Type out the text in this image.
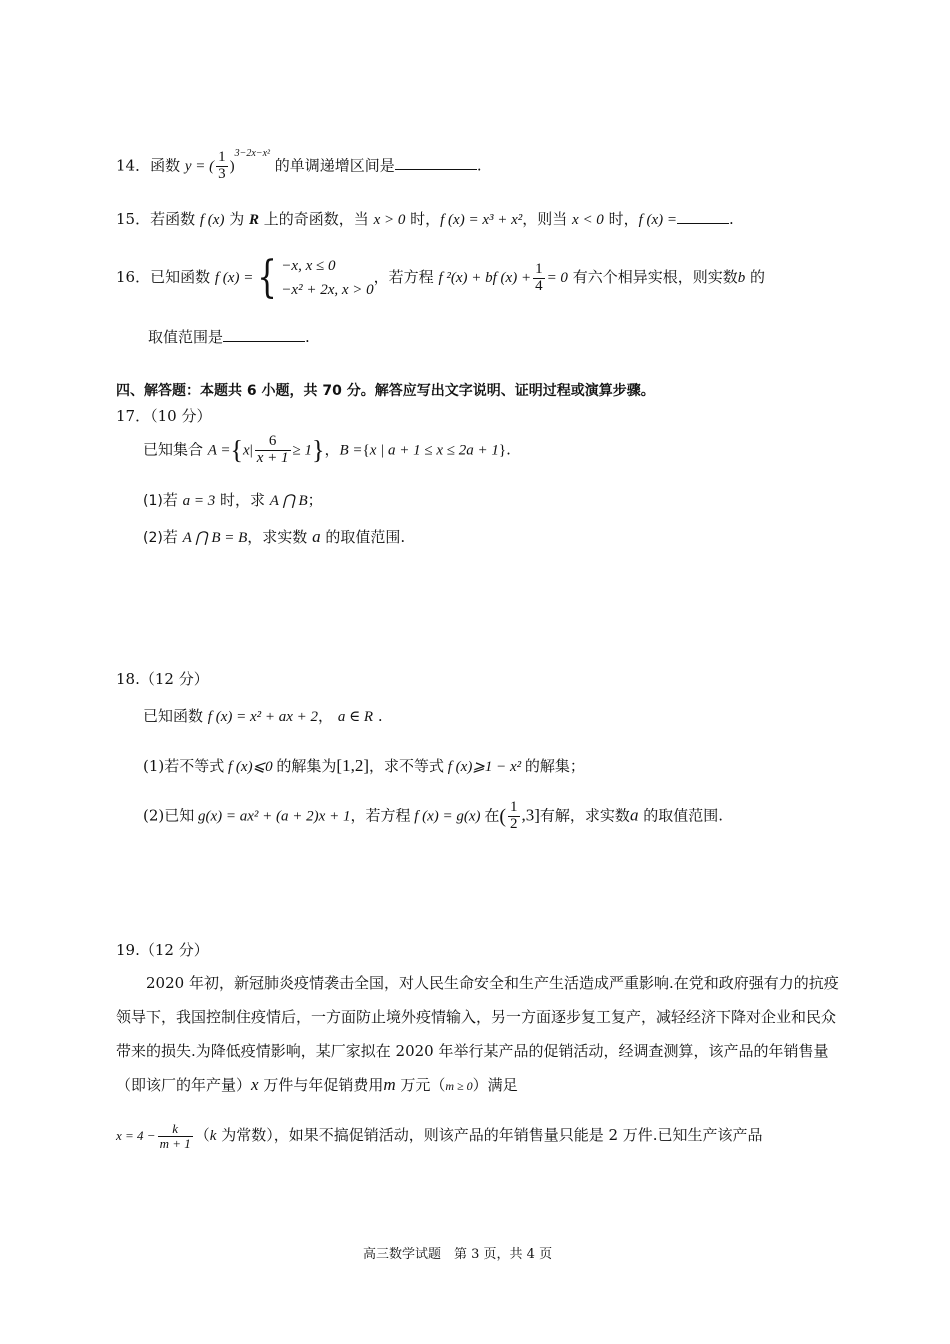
14．函数 y = ( $\frac{1}{3} )^{3-2x-x^2}$ 的单调递增区间是	.
15．若函数 f (x) 为 R 上的奇函数，当 x > 0 时，f (x) = x³ + x²，则当 x < 0 时，f (x) =	.
16．已知函数 f (x) ={ −x, x ≤ 0
−x² + 2x, x > 0
，若方程 f ²(x) + bf $(x) + \frac{1}{4} = 0$ 有六个相异实根，则实数b 的
取值范围是	.
四、解答题：本题共 6 小题，共 70 分。解答应写出文字说明、证明过程或演算步骤。
17．（10 分）
已知集合 $A =\{x| \frac{6}{x + 1} \ge 1\}$，B ={x | a + 1 ≤ x ≤ 2a + 1}.
(1)若 a = 3 时，求 A ⋂ B；
(2)若 A ⋂ B = B，求实数 a 的取值范围.
18.（12 分）
已知函数 f (x) = x² + ax + 2， a ∈ R .
(1)若不等式 f (x)⩽0 的解集为[1,2]，求不等式 f (x)⩾1 − x² 的解集；
(2)已知 g(x) = ax² + (a + 2)x + 1，若方程 f (x) = g(x) 在( $\frac{1}{2} ,3$]有解，求实数a 的取值范围.
19.（12 分）
2020 年初，新冠肺炎疫情袭击全国，对人民生命安全和生产生活造成严重影响.在党和政府强有力的抗疫领导下，我国控制住疫情后，一方面防止境外疫情输入，另一方面逐步复工复产，减轻经济下降对企业和民众带来的损失.为降低疫情影响，某厂家拟在 2020 年举行某产品的促销活动，经调查测算，该产品的年销售量（即该厂的年产量）x 万件与年促销费用m 万元（m ≥ 0）满足
$x = 4 - \frac{k}{m + 1} (k$ 为常数），如果不搞促销活动，则该产品的年销售量只能是 2 万件.已知生产该产品
高三数学试题　第 3 页，共 4 页
